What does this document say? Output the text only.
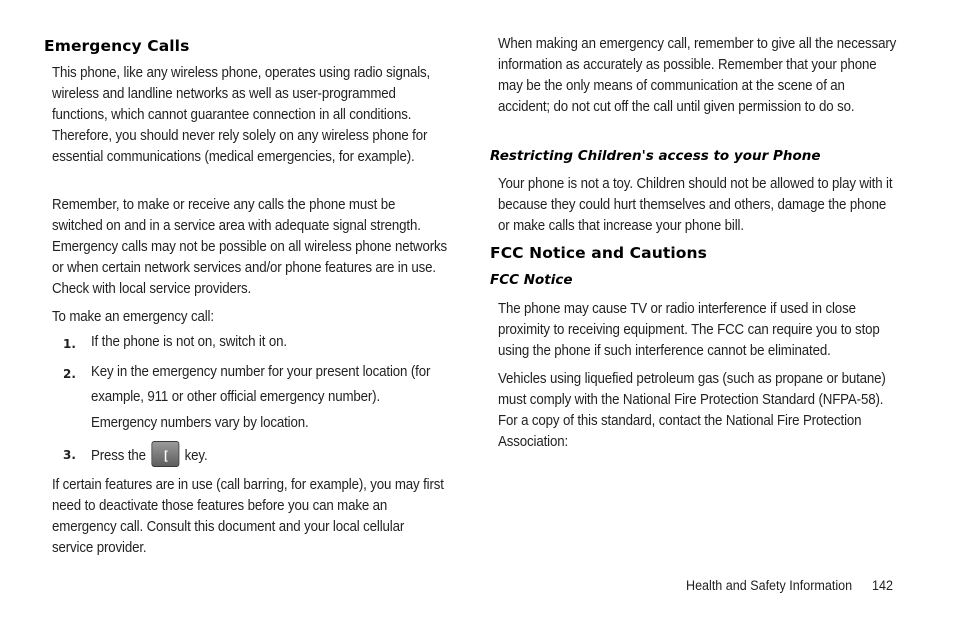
Emergency Calls

This phone, like any wireless phone, operates using radio signals, wireless and landline networks as well as user-programmed functions, which cannot guarantee connection in all conditions. Therefore, you should never rely solely on any wireless phone for essential communications (medical emergencies, for example).

Remember, to make or receive any calls the phone must be switched on and in a service area with adequate signal strength. Emergency calls may not be possible on all wireless phone networks or when certain network services and/or phone features are in use. Check with local service providers.

To make an emergency call:

1. If the phone is not on, switch it on.
2. Key in the emergency number for your present location (for
example, 911 or other official emergency number).
Emergency numbers vary by location.
3. Press the [ key.

If certain features are in use (call barring, for example), you may first need to deactivate those features before you can make an emergency call. Consult this document and your local cellular service provider.

When making an emergency call, remember to give all the necessary information as accurately as possible. Remember that your phone may be the only means of communication at the scene of an accident; do not cut off the call until given permission to do so.

Restricting Children's access to your Phone

Your phone is not a toy. Children should not be allowed to play with it because they could hurt themselves and others, damage the phone or make calls that increase your phone bill.

FCC Notice and Cautions
FCC Notice

The phone may cause TV or radio interference if used in close proximity to receiving equipment. The FCC can require you to stop using the phone if such interference cannot be eliminated.

Vehicles using liquefied petroleum gas (such as propane or butane) must comply with the National Fire Protection Standard (NFPA-58). For a copy of this standard, contact the National Fire Protection Association:

Health and Safety Information 142
